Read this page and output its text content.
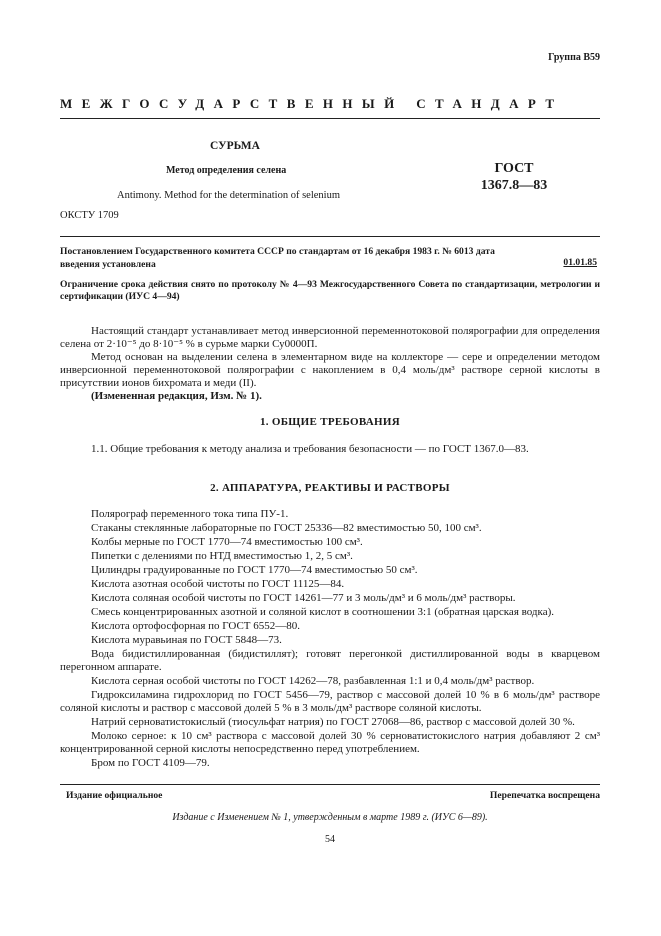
Группа В59
МЕЖГОСУДАРСТВЕННЫЙ СТАНДАРТ
СУРЬМА
Метод определения селена	ГОСТ
1367.8—83
Antimony. Method for the determination of selenium
ОКСТУ 1709
Постановлением Государственного комитета СССР по стандартам от 16 декабря 1983 г. № 6013 дата введения установлена	01.01.85
Ограничение срока действия снято по протоколу № 4—93 Межгосударственного Совета по стандартизации, метрологии и сертификации (ИУС 4—94)

Настоящий стандарт устанавливает метод инверсионной переменнотоковой полярографии для определения селена от 2·10⁻⁵ до 8·10⁻⁵ % в сурьме марки Су0000П.

Метод основан на выделении селена в элементарном виде на коллекторе — сере и определении методом инверсионной переменнотоковой полярографии с накоплением в 0,4 моль/дм³ растворе серной кислоты в присутствии ионов бихромата и меди (II).

(Измененная редакция, Изм. № 1).

1. ОБЩИЕ ТРЕБОВАНИЯ

1.1. Общие требования к методу анализа и требования безопасности — по ГОСТ 1367.0—83.

2. АППАРАТУРА, РЕАКТИВЫ И РАСТВОРЫ

Полярограф переменного тока типа ПУ-1.

Стаканы стеклянные лабораторные по ГОСТ 25336—82 вместимостью 50, 100 см³.

Колбы мерные по ГОСТ 1770—74 вместимостью 100 см³.

Пипетки с делениями по НТД вместимостью 1, 2, 5 см³.

Цилиндры градуированные по ГОСТ 1770—74 вместимостью 50 см³.

Кислота азотная особой чистоты по ГОСТ 11125—84.

Кислота соляная особой чистоты по ГОСТ 14261—77 и 3 моль/дм³ и 6 моль/дм³ растворы.

Смесь концентрированных азотной и соляной кислот в соотношении 3:1 (обратная царская водка).

Кислота ортофосфорная по ГОСТ 6552—80.

Кислота муравьиная по ГОСТ 5848—73.

Вода бидистиллированная (бидистиллят); готовят перегонкой дистиллированной воды в кварцевом перегонном аппарате.

Кислота серная особой чистоты по ГОСТ 14262—78, разбавленная 1:1 и 0,4 моль/дм³ раствор.

Гидроксиламина гидрохлорид по ГОСТ 5456—79, раствор с массовой долей 10 % в 6 моль/дм³ растворе соляной кислоты и раствор с массовой долей 5 % в 3 моль/дм³ растворе соляной кислоты.

Натрий серноватистокислый (тиосульфат натрия) по ГОСТ 27068—86, раствор с массовой долей 30 %.

Молоко серное: к 10 см³ раствора с массовой долей 30 % серноватистокислого натрия добавляют 2 см³ концентрированной серной кислоты непосредственно перед употреблением.

Бром по ГОСТ 4109—79.

Издание официальное	Перепечатка воспрещена
Издание с Изменением № 1, утвержденным в марте 1989 г. (ИУС 6—89).
54
